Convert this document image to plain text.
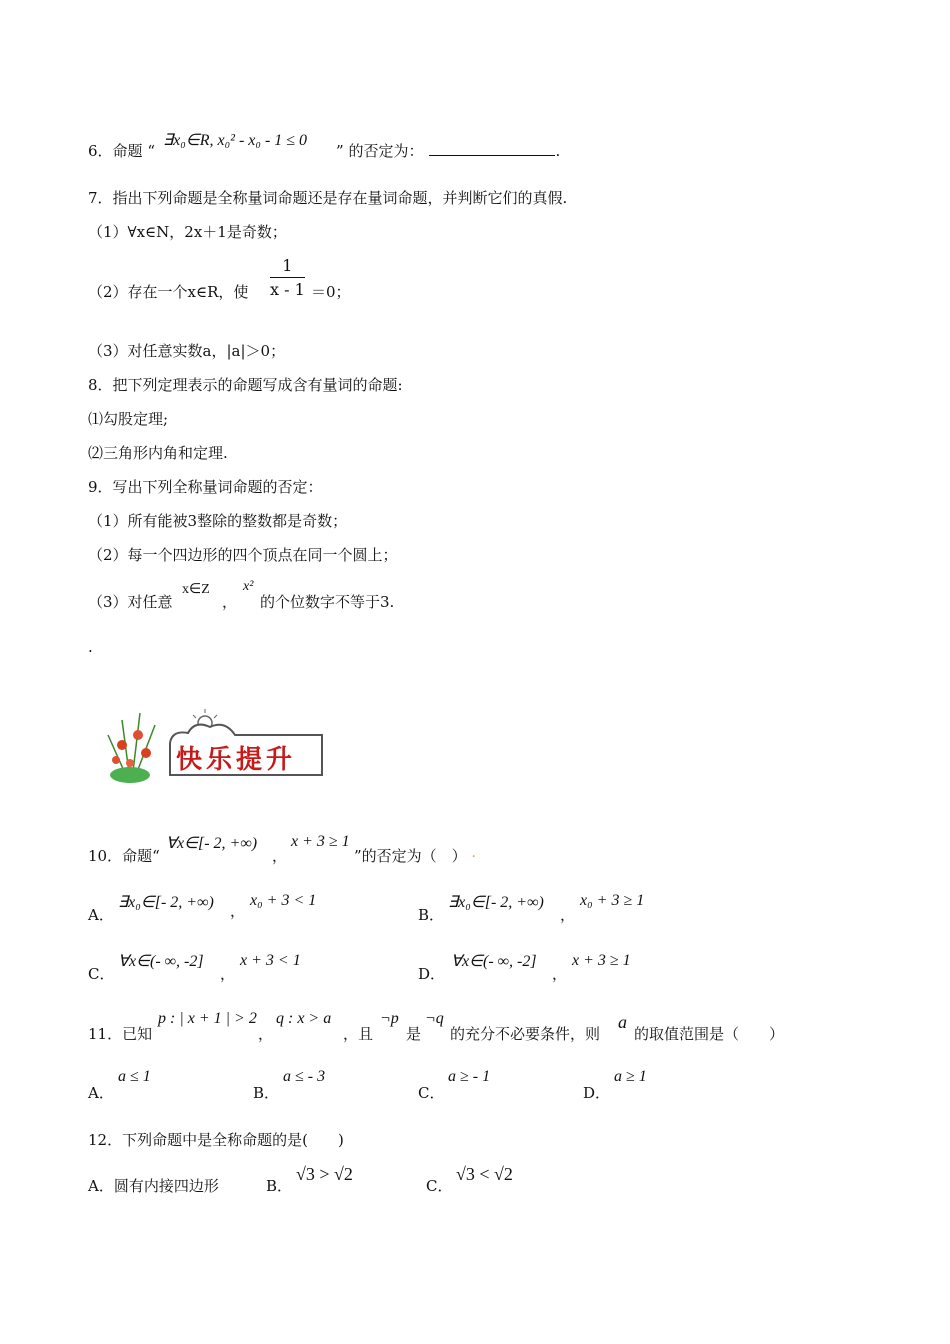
6．命题 “
∃x₀∈R, x₀² - x₀ - 1 ≤ 0
” 的否定为：	.
7．指出下列命题是全称量词命题还是存在量词命题，并判断它们的真假.
（1）∀x∈N，2x＋1是奇数；
（2）存在一个x∈R，使 $\frac{1}{x - 1} =0$；
（3）对任意实数a，|a|＞0；
8．把下列定理表示的命题写成含有量词的命题:
⑴勾股定理;
⑵三角形内角和定理.
9．写出下列全称量词命题的否定：
（1）所有能被3整除的整数都是奇数；
（2）每一个四边形的四个顶点在同一个圆上；
（3）对任意
x∈Z
，
x²
的个位数字不等于3.
.
快乐提升
10．命题“
∀x∈[- 2, +∞)
，
x + 3 ≥ 1
”的否定为（　） ·
A．
∃x₀∈[- 2, +∞) ，
x₀ + 3 < 1
B．
∃x₀∈[- 2, +∞)
，
x₀ + 3 ≥ 1
C．
∀x∈(- ∞, -2]
，
x + 3 < 1
D．
∀x∈(- ∞, -2]
，
x + 3 ≥ 1
11．已知
p : | x + 1 | > 2
，
q : x > a
，且
¬p
是
¬q
的充分不必要条件，则
a
的取值范围是（　　）
A．
a ≤ 1
B．
a ≤ - 3
C．
a ≥ - 1
D．
a ≥ 1
12．下列命题中是全称命题的是(　　)
A．圆有内接四边形	B．
√3 > √2
C．
√3 < √2
